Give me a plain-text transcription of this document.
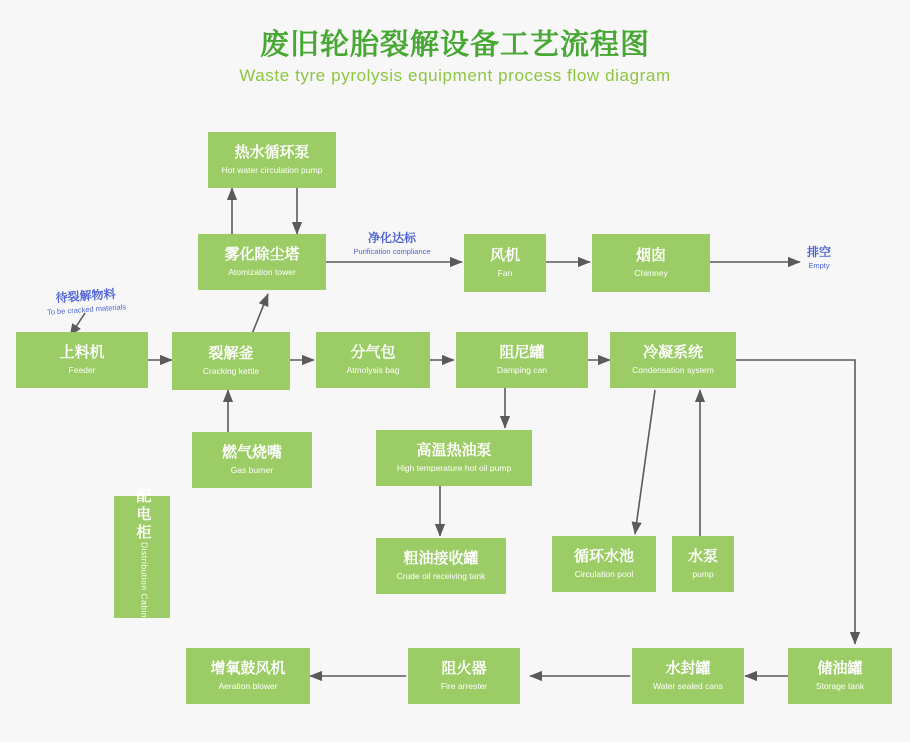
废旧轮胎裂解设备工艺流程图
Waste tyre pyrolysis equipment process flow diagram
热水循环泵
Hot water circulation pump
雾化除尘塔
Atomization tower
风机
Fan
烟囱
Chimney
上料机
Feeder
裂解釜
Cracking kettle
分气包
Atmolysis bag
阻尼罐
Damping can
冷凝系统
Condensation system
燃气烧嘴
Gas burner
高温热油泵
High temperature hot oil pump
配电柜
Distribution Cabinet	粗油接收罐
Crude oil receiving tank
循环水池
Circulation pool
水泵
pump
增氧鼓风机
Aeration blower
阻火器
Fire arrester
水封罐
Water sealed cans
储油罐
Storage tank
待裂解物料
To be cracked materials
净化达标
Purification compliance	排空
Empty
